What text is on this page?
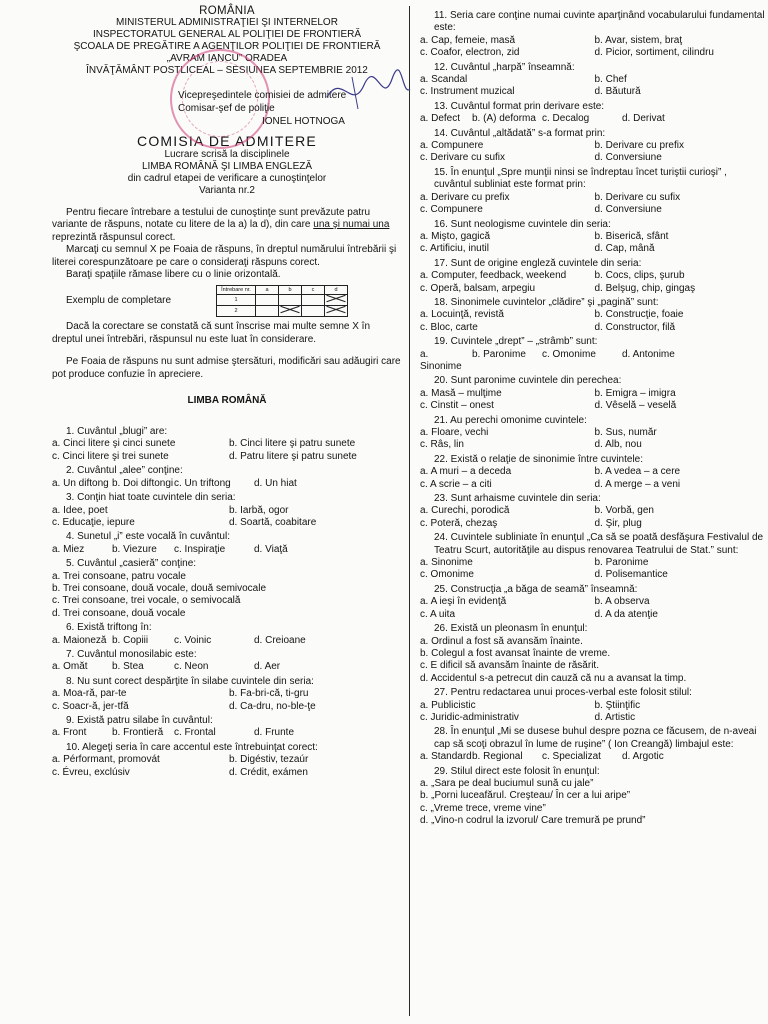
ROMÂNIA
MINISTERUL ADMINISTRAŢIEI ŞI INTERNELOR
INSPECTORATUL GENERAL AL POLIŢIEI DE FRONTIERĂ
ŞCOALA DE PREGĂTIRE A AGENŢILOR POLIŢIEI DE FRONTIERĂ
„AVRAM IANCU” ORADEA
ÎNVĂŢĂMÂNT POSTLICEAL – SESIUNEA SEPTEMBRIE 2012
Vicepreşedintele comisiei de admitere
Comisar-şef de poliţie
IONEL HOTNOGA
COMISIA DE ADMITERE
Lucrare scrisă la disciplinele
LIMBA ROMÂNĂ ŞI LIMBA ENGLEZĂ
din cadrul etapei de verificare a cunoştinţelor
Varianta nr.2

Pentru fiecare întrebare a testului de cunoştinţe sunt prevăzute patru variante de răspuns, notate cu litere de la a) la d), din care una şi numai una reprezintă răspunsul corect.

Marcaţi cu semnul X pe Foaia de răspuns, în dreptul numărului întrebării şi literei corespunzătoare pe care o consideraţi răspuns corect.

Baraţi spaţiile rămase libere cu o linie orizontală.

Exemplu de completare
Întrebare nr.	a	b	c	d
1				
2				

Dacă la corectare se constată că sunt înscrise mai multe semne X în dreptul unei întrebări, răspunsul nu este luat în considerare.

Pe Foaia de răspuns nu sunt admise ştersături, modificări sau adăugiri care pot produce confuzie în apreciere.

LIMBA ROMÂNĂ
1. Cuvântul „blugi” are:
a. Cinci litere şi cinci sunete	b. Cinci litere şi patru sunete
c. Cinci litere şi trei sunete	d. Patru litere şi patru sunete
2. Cuvântul „alee” conţine:
a. Un diftong b. Doi diftongi c. Un triftong	d. Un hiat
3. Conţin hiat toate cuvintele din seria:
a. Idee, poet	b. Iarbă, ogor
c. Educaţie, iepure	d. Soartă, coabitare
4. Sunetul „i” este vocală în cuvântul:
a. Miez	b. Viezure	c. Inspiraţie	d. Viaţă
5. Cuvântul „casieră” conţine:
a. Trei consoane, patru vocale
b. Trei consoane, două vocale, două semivocale
c. Trei consoane, trei vocale, o semivocală
d. Trei consoane, două vocale
6. Există triftong în:
a. Maioneză b. Copiii	c. Voinic	d. Creioane
7. Cuvântul monosilabic este:
a. Omăt	b. Stea	c. Neon	d. Aer
8. Nu sunt corect despărţite în silabe cuvintele din seria:
a. Moa-ră, par-te	b. Fa-bri-că, ti-gru
c. Soacr-ă, jer-tfă	d. Ca-dru, no-ble-ţe
9. Există patru silabe în cuvântul:
a. Front	b. Frontieră	c. Frontal	d. Frunte
10. Alegeţi seria în care accentul este întrebuinţat corect:
a. Pérformant, promovát	b. Digéstiv, tezaúr
c. Évreu, exclúsiv	d. Crédit, exámen
11. Seria care conţine numai cuvinte aparţinând vocabularului fundamental este:
a. Cap, femeie, masă	b. Avar, sistem, braţ
c. Coafor, electron, zid	d. Picior, sortiment, cilindru
12. Cuvântul „harpă” înseamnă:
a. Scandal	b. Chef
c. Instrument muzical	d. Băutură
13. Cuvântul format prin derivare este:
a. Defect	b. (A) deforma c. Decalog	d. Derivat
14. Cuvântul „altădată” s-a format prin:
a. Compunere	b. Derivare cu prefix
c. Derivare cu sufix	d. Conversiune
15. În enunţul „Spre munţii ninsi se îndreptau încet turiştii curioşi” , cuvântul subliniat este format prin:
a. Derivare cu prefix	b. Derivare cu sufix
c. Compunere	d. Conversiune
16. Sunt neologisme cuvintele din seria:
a. Mişto, gagică	b. Biserică, sfânt
c. Artificiu, inutil	d. Cap, mână
17. Sunt de origine engleză cuvintele din seria:
a. Computer, feedback, weekend	b. Cocs, clips, şurub
c. Operă, balsam, arpegiu	d. Belşug, chip, gingaş
18. Sinonimele cuvintelor „clădire” şi „pagină” sunt:
a. Locuinţă, revistă	b. Construcţie, foaie
c. Bloc, carte	d. Constructor, filă
19. Cuvintele „drept” – „strâmb” sunt:
a. Sinonime
b. Paronime	c. Omonime	d. Antonime
20. Sunt paronime cuvintele din perechea:
a. Masă – mulţime	b. Emigra – imigra
c. Cinstit – onest	d. Vêselă – veselă
21. Au perechi omonime cuvintele:
a. Floare, vechi	b. Sus, număr
c. Râs, lin	d. Alb, nou
22. Există o relaţie de sinonimie între cuvintele:
a. A muri – a deceda	b. A vedea – a cere
c. A scrie – a citi	d. A merge – a veni
23. Sunt arhaisme cuvintele din seria:
a. Curechi, porodică	b. Vorbă, gen
c. Poteră, chezaş	d. Şir, plug
24. Cuvintele subliniate în enunţul „Ca să se poată desfăşura Festivalul de Teatru Scurt, autorităţile au dispus renovarea Teatrului de Stat.” sunt:
a. Sinonime	b. Paronime
c. Omonime	d. Polisemantice
25. Construcţia „a băga de seamă” înseamnă:
a. A ieşi în evidenţă	b. A observa
c. A uita	d. A da atenţie
26. Există un pleonasm în enunţul:
a. Ordinul a fost să avansăm înainte.
b. Colegul a fost avansat înainte de vreme.
c. E dificil să avansăm înainte de răsărit.
d. Accidentul s-a petrecut din cauză că nu a avansat la timp.
27. Pentru redactarea unui proces-verbal este folosit stilul:
a. Publicistic	b. Ştiinţific
c. Juridic-administrativ	d. Artistic
28. În enunţul „Mi se dusese buhul despre pozna ce făcusem, de n-aveai cap să scoţi obrazul în lume de ruşine” ( Ion Creangă) limbajul este:
a. Standard b. Regional	c. Specializat	d. Argotic
29. Stilul direct este folosit în enunţul:
a. „Sara pe deal buciumul sună cu jale”
b. „Porni luceafărul. Creşteau/ În cer a lui aripe”
c. „Vreme trece, vreme vine”
d. „Vino-n codrul la izvorul/ Care tremură pe prund”
